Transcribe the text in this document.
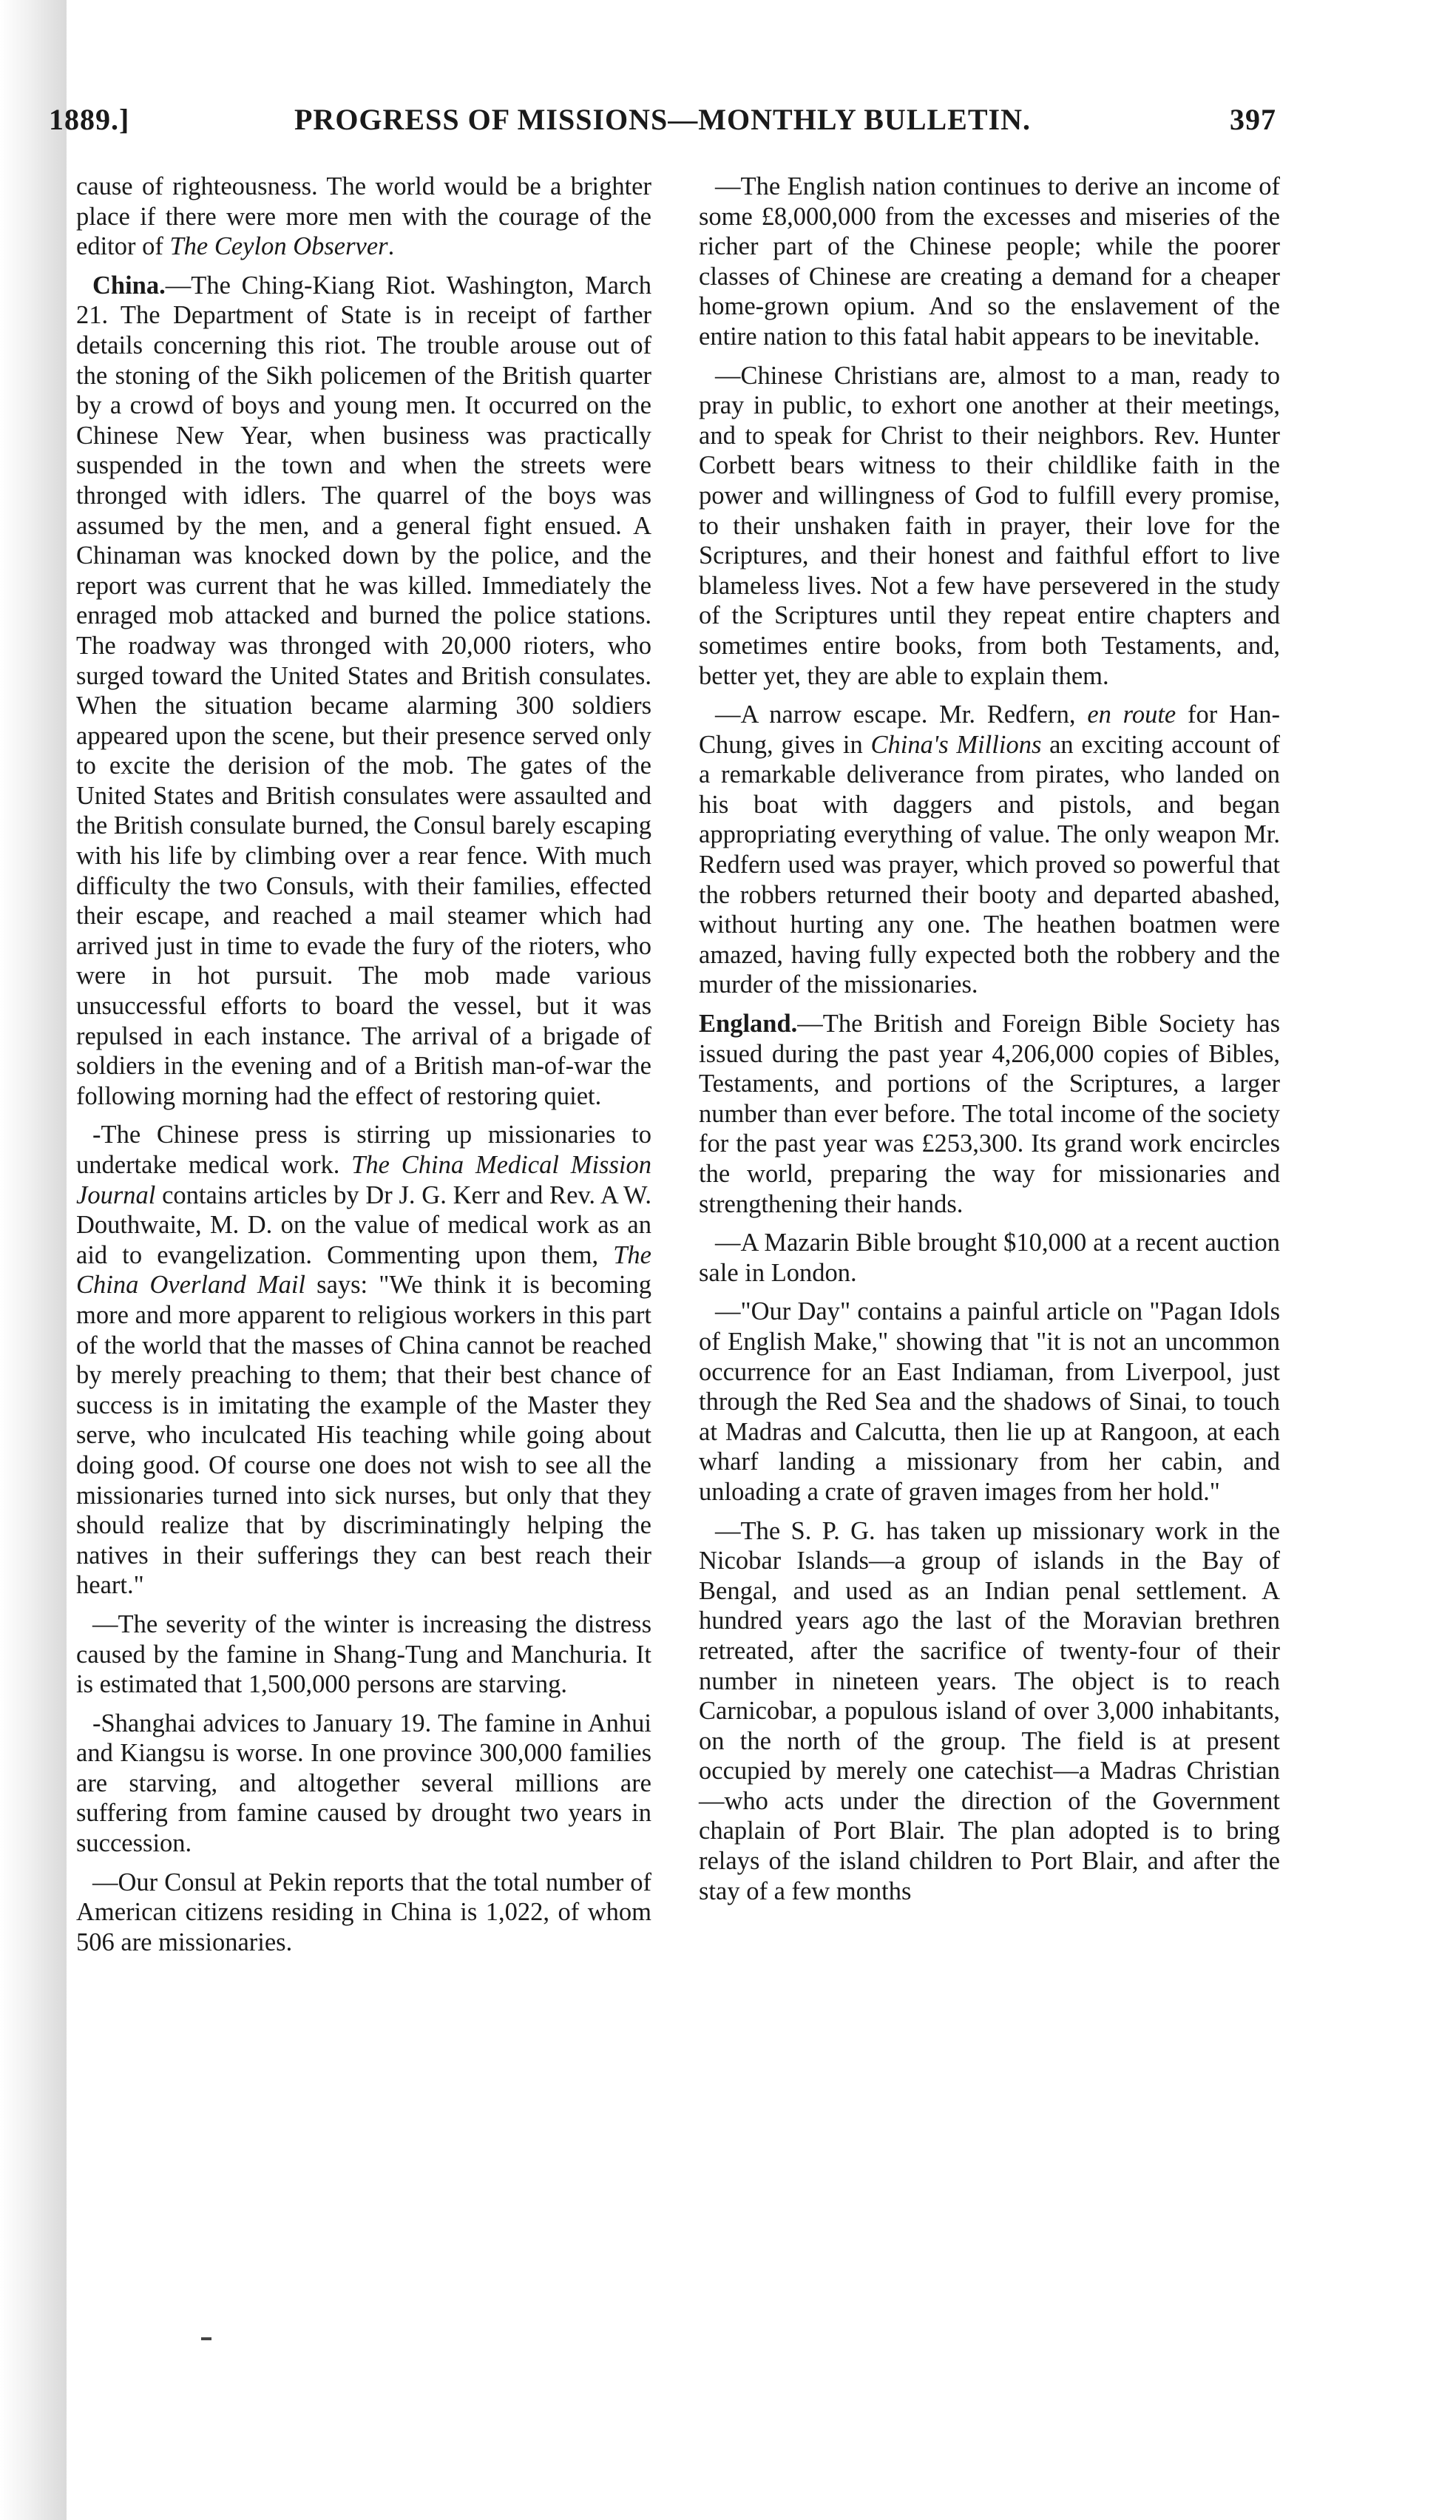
PROGRESS OF MISSIONS—MONTHLY BULLETIN.
1889.]	397

cause of righteousness. The world would be a brighter place if there were more men with the courage of the editor of The Ceylon Observer.

China.—The Ching-Kiang Riot. Washington, March 21. The Department of State is in receipt of farther details concerning this riot. The trouble arouse out of the stoning of the Sikh policemen of the British quarter by a crowd of boys and young men. It occurred on the Chinese New Year, when business was practically suspended in the town and when the streets were thronged with idlers. The quarrel of the boys was assumed by the men, and a general fight ensued. A Chinaman was knocked down by the police, and the report was current that he was killed. Immediately the enraged mob attacked and burned the police stations. The roadway was thronged with 20,000 rioters, who surged toward the United States and British consulates. When the situation became alarming 300 soldiers appeared upon the scene, but their presence served only to excite the derision of the mob. The gates of the United States and British consulates were assaulted and the British consulate burned, the Consul barely escaping with his life by climbing over a rear fence. With much difficulty the two Consuls, with their families, effected their escape, and reached a mail steamer which had arrived just in time to evade the fury of the rioters, who were in hot pursuit. The mob made various unsuccessful efforts to board the vessel, but it was repulsed in each instance. The arrival of a brigade of soldiers in the evening and of a British man-of-war the following morning had the effect of restoring quiet.

-The Chinese press is stirring up missionaries to undertake medical work. The China Medical Mission Journal contains articles by Dr J. G. Kerr and Rev. A W. Douthwaite, M. D. on the value of medical work as an aid to evangelization. Commenting upon them, The China Overland Mail says: "We think it is becoming more and more apparent to religious workers in this part of the world that the masses of China cannot be reached by merely preaching to them; that their best chance of success is in imitating the example of the Master they serve, who inculcated His teaching while going about doing good. Of course one does not wish to see all the missionaries turned into sick nurses, but only that they should realize that by discriminatingly helping the natives in their sufferings they can best reach their heart."

—The severity of the winter is increasing the distress caused by the famine in Shang-Tung and Manchuria. It is estimated that 1,500,000 persons are starving.

-Shanghai advices to January 19. The famine in Anhui and Kiangsu is worse. In one province 300,000 families are starving, and altogether several millions are suffering from famine caused by drought two years in succession.

—Our Consul at Pekin reports that the total number of American citizens residing in China is 1,022, of whom 506 are missionaries.

—The English nation continues to derive an income of some £8,000,000 from the excesses and miseries of the richer part of the Chinese people; while the poorer classes of Chinese are creating a demand for a cheaper home-grown opium. And so the enslavement of the entire nation to this fatal habit appears to be inevitable.

—Chinese Christians are, almost to a man, ready to pray in public, to exhort one another at their meetings, and to speak for Christ to their neighbors. Rev. Hunter Corbett bears witness to their childlike faith in the power and willingness of God to fulfill every promise, to their unshaken faith in prayer, their love for the Scriptures, and their honest and faithful effort to live blameless lives. Not a few have persevered in the study of the Scriptures until they repeat entire chapters and sometimes entire books, from both Testaments, and, better yet, they are able to explain them.

—A narrow escape. Mr. Redfern, en route for Han-Chung, gives in China's Millions an exciting account of a remarkable deliverance from pirates, who landed on his boat with daggers and pistols, and began appropriating everything of value. The only weapon Mr. Redfern used was prayer, which proved so powerful that the robbers returned their booty and departed abashed, without hurting any one. The heathen boatmen were amazed, having fully expected both the robbery and the murder of the missionaries.

England.—The British and Foreign Bible Society has issued during the past year 4,206,000 copies of Bibles, Testaments, and portions of the Scriptures, a larger number than ever before. The total income of the society for the past year was £253,300. Its grand work encircles the world, preparing the way for missionaries and strengthening their hands.

—A Mazarin Bible brought $10,000 at a recent auction sale in London.

—"Our Day" contains a painful article on "Pagan Idols of English Make," showing that "it is not an uncommon occurrence for an East Indiaman, from Liverpool, just through the Red Sea and the shadows of Sinai, to touch at Madras and Calcutta, then lie up at Rangoon, at each wharf landing a missionary from her cabin, and unloading a crate of graven images from her hold."

—The S. P. G. has taken up missionary work in the Nicobar Islands—a group of islands in the Bay of Bengal, and used as an Indian penal settlement. A hundred years ago the last of the Moravian brethren retreated, after the sacrifice of twenty-four of their number in nineteen years. The object is to reach Carnicobar, a populous island of over 3,000 inhabitants, on the north of the group. The field is at present occupied by merely one catechist—a Madras Christian—who acts under the direction of the Government chaplain of Port Blair. The plan adopted is to bring relays of the island children to Port Blair, and after the stay of a few months
